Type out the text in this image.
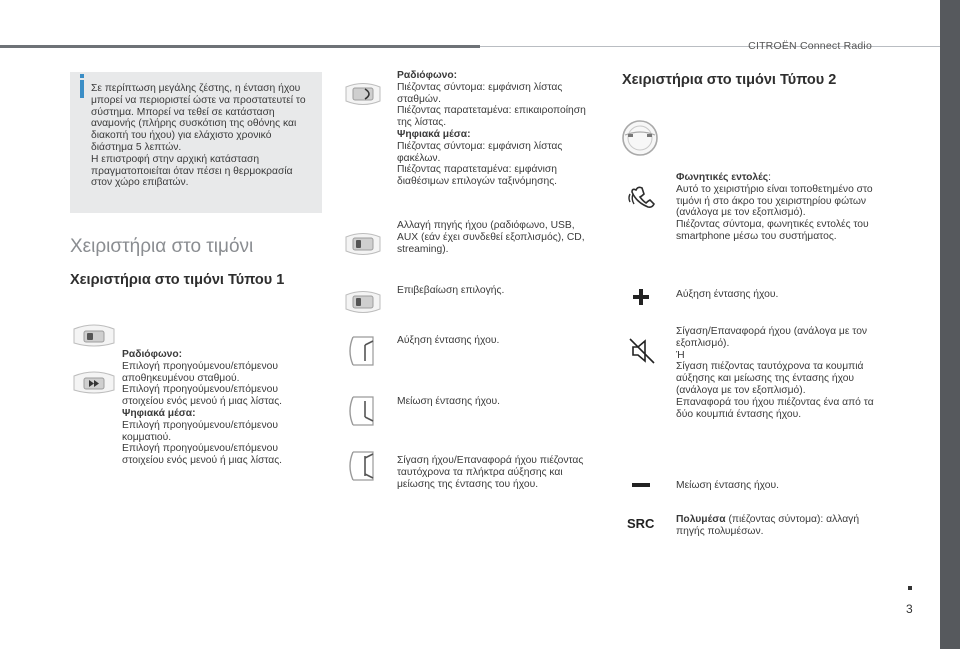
CITROËN Connect Radio
3
Σε περίπτωση μεγάλης ζέστης, η ένταση ήχου μπορεί να περιοριστεί ώστε να προστατευτεί το σύστημα. Μπορεί να τεθεί σε κατάσταση αναμονής (πλήρης συσκότιση της οθόνης και διακοπή του ήχου) για ελάχιστο χρονικό διάστημα 5 λεπτών.
Η επιστροφή στην αρχική κατάσταση πραγματοποιείται όταν πέσει η θερμοκρασία στον χώρο επιβατών.
Χειριστήρια στο τιμόνι
Χειριστήρια στο τιμόνι Τύπου 1

Ραδιόφωνο:

Επιλογή προηγούμενου/επόμενου αποθηκευμένου σταθμού.

Επιλογή προηγούμενου/επόμενου στοιχείου ενός μενού ή μιας λίστας.

Ψηφιακά μέσα:

Επιλογή προηγούμενου/επόμενου κομματιού.

Επιλογή προηγούμενου/επόμενου στοιχείου ενός μενού ή μιας λίστας.

Ραδιόφωνο:

Πιέζοντας σύντομα: εμφάνιση λίστας σταθμών.

Πιέζοντας παρατεταμένα: επικαιροποίηση της λίστας.

Ψηφιακά μέσα:

Πιέζοντας σύντομα: εμφάνιση λίστας φακέλων.

Πιέζοντας παρατεταμένα: εμφάνιση διαθέσιμων επιλογών ταξινόμησης.

Αλλαγή πηγής ήχου (ραδιόφωνο, USB, AUX (εάν έχει συνδεθεί εξοπλισμός), CD, streaming).
Επιβεβαίωση επιλογής.
Αύξηση έντασης ήχου.
Μείωση έντασης ήχου.
Σίγαση ήχου/Επαναφορά ήχου πιέζοντας ταυτόχρονα τα πλήκτρα αύξησης και μείωσης της έντασης του ήχου.
Χειριστήρια στο τιμόνι Τύπου 2

Φωνητικές εντολές:

Αυτό το χειριστήριο είναι τοποθετημένο στο τιμόνι ή στο άκρο του χειριστηρίου φώτων (ανάλογα με τον εξοπλισμό).
Πιέζοντας σύντομα, φωνητικές εντολές του smartphone μέσω του συστήματος.

Αύξηση έντασης ήχου.
Σίγαση/Επαναφορά ήχου (ανάλογα με τον εξοπλισμό).
Ή
Σίγαση πιέζοντας ταυτόχρονα τα κουμπιά αύξησης και μείωσης της έντασης ήχου (ανάλογα με τον εξοπλισμό).
Επαναφορά του ήχου πιέζοντας ένα από τα δύο κουμπιά έντασης ήχου.
Μείωση έντασης ήχου.
SRC Πολυμέσα (πιέζοντας σύντομα): αλλαγή πηγής πολυμέσων.
